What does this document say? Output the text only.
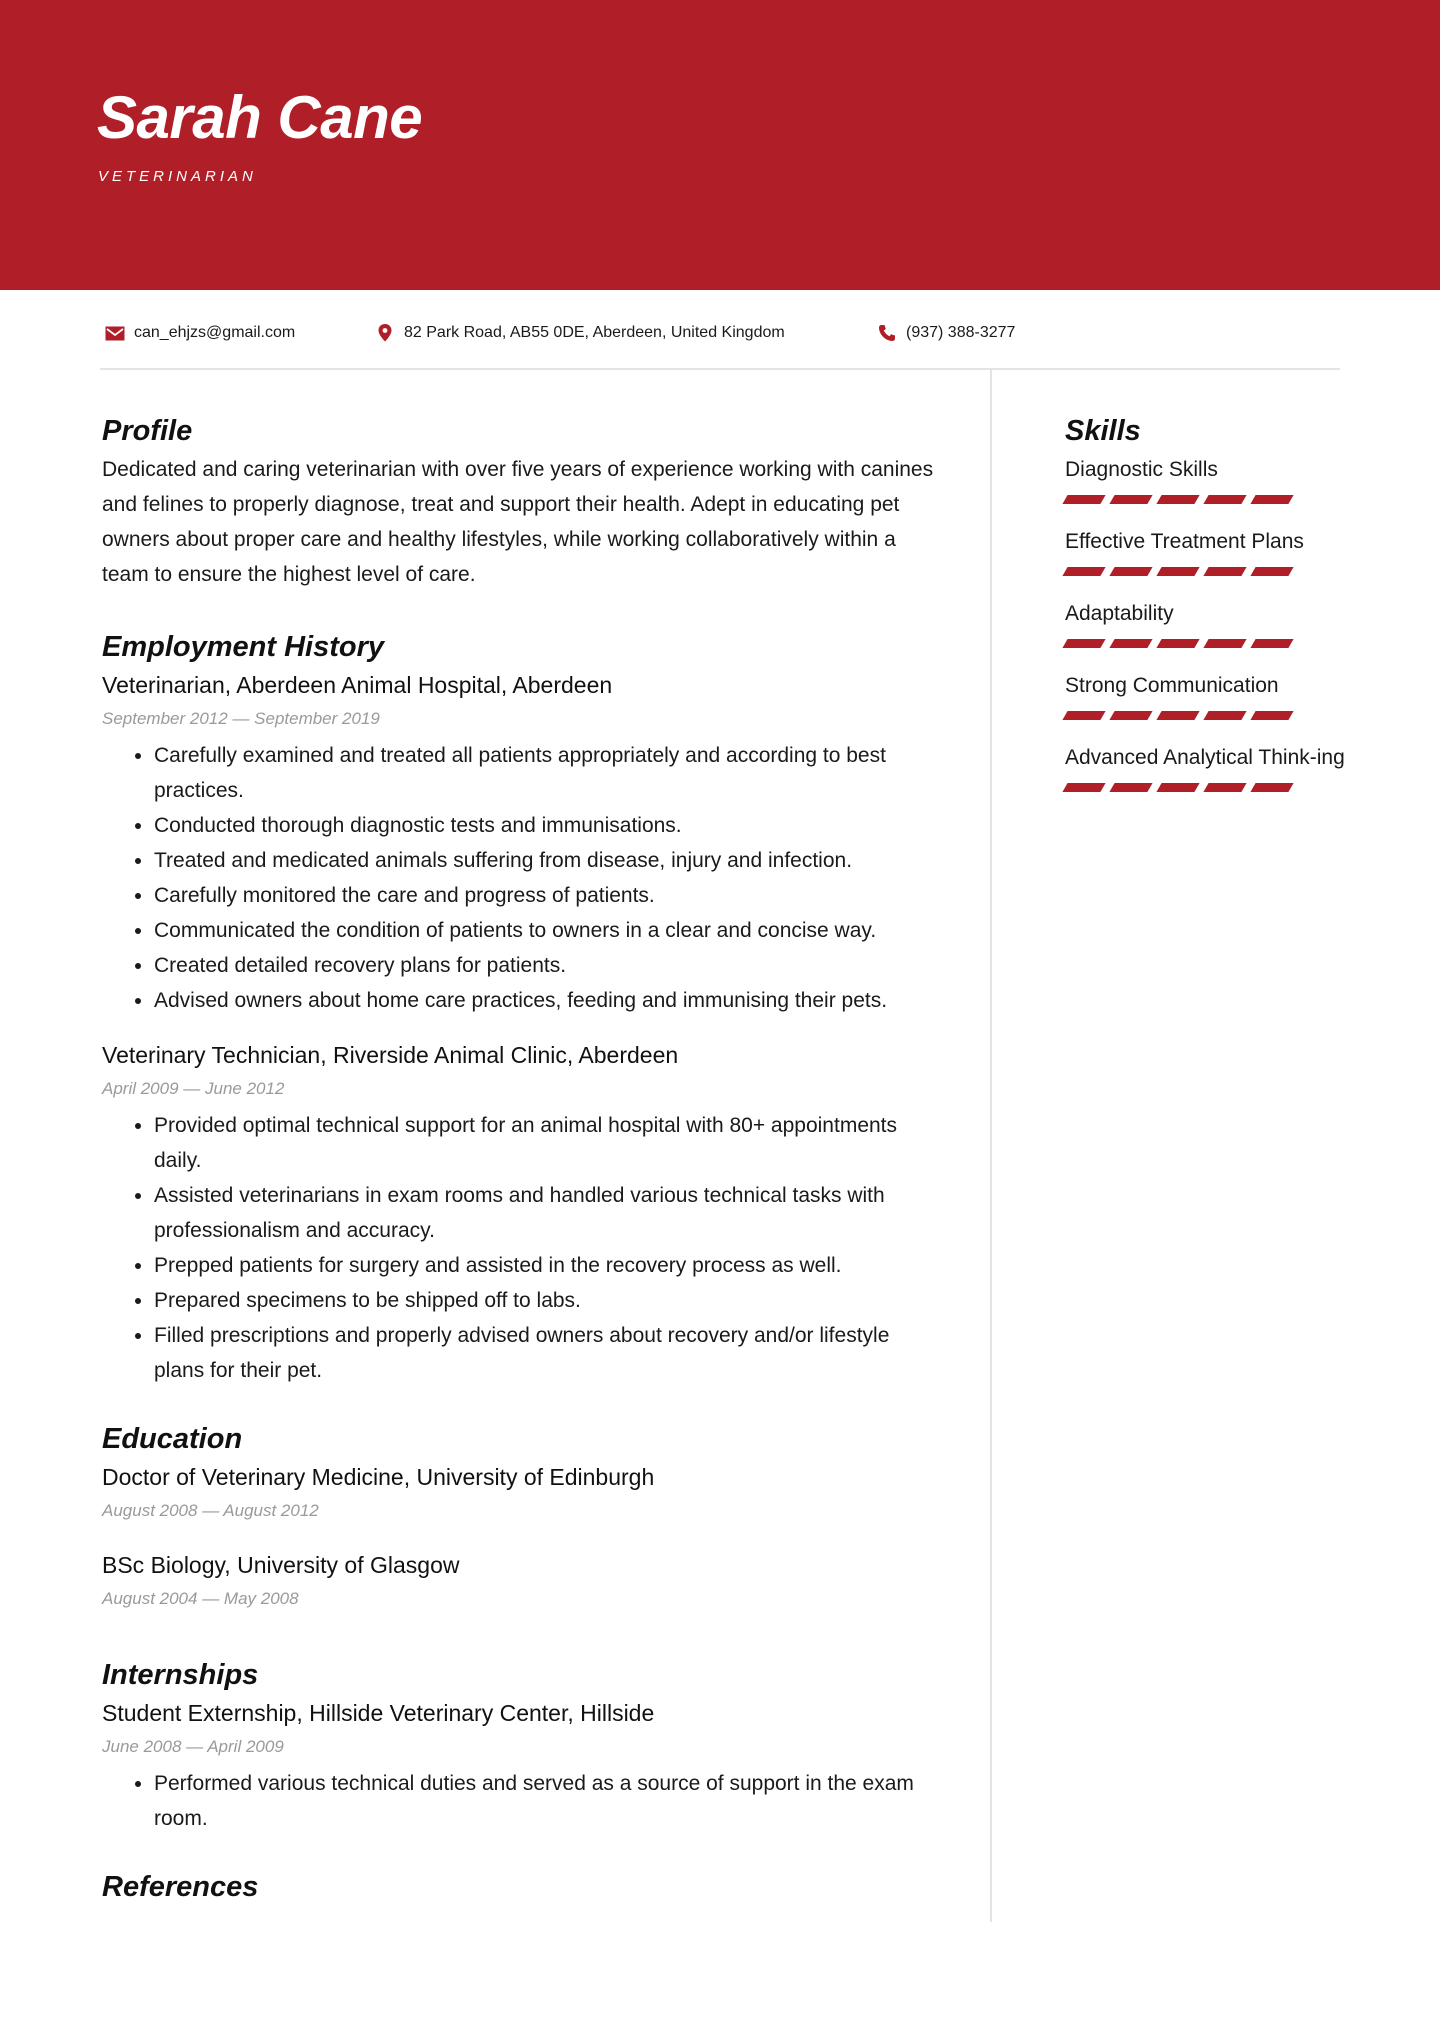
Sarah Cane

VETERINARIAN

can_ehjzs@gmail.com	82 Park Road, AB55 0DE, Aberdeen, United Kingdom	(937) 388-3277
Profile

Dedicated and caring veterinarian with over five years of experience working with canines and felines to properly diagnose, treat and support their health. Adept in educating pet owners about proper care and healthy lifestyles, while working collaboratively within a team to ensure the highest level of care.

Employment History

Veterinarian, Aberdeen Animal Hospital, Aberdeen

September 2012 — September 2019

• Carefully examined and treated all patients appropriately and according to best practices.
• Conducted thorough diagnostic tests and immunisations.
• Treated and medicated animals suffering from disease, injury and infection.
• Carefully monitored the care and progress of patients.
• Communicated the condition of patients to owners in a clear and concise way.
• Created detailed recovery plans for patients.
• Advised owners about home care practices, feeding and immunising their pets.

Veterinary Technician, Riverside Animal Clinic, Aberdeen

April 2009 — June 2012

• Provided optimal technical support for an animal hospital with 80+ appointments daily.
• Assisted veterinarians in exam rooms and handled various technical tasks with professionalism and accuracy.
• Prepped patients for surgery and assisted in the recovery process as well.
• Prepared specimens to be shipped off to labs.
• Filled prescriptions and properly advised owners about recovery and/or lifestyle plans for their pet.
Education

Doctor of Veterinary Medicine, University of Edinburgh

August 2008 — August 2012

BSc Biology, University of Glasgow

August 2004 — May 2008

Internships

Student Externship, Hillside Veterinary Center, Hillside

June 2008 — April 2009

• Performed various technical duties and served as a source of support in the exam room.
References
Skills
Diagnostic Skills
Effective Treatment Plans
Adaptability
Strong Communication
Advanced Analytical Think-ing
